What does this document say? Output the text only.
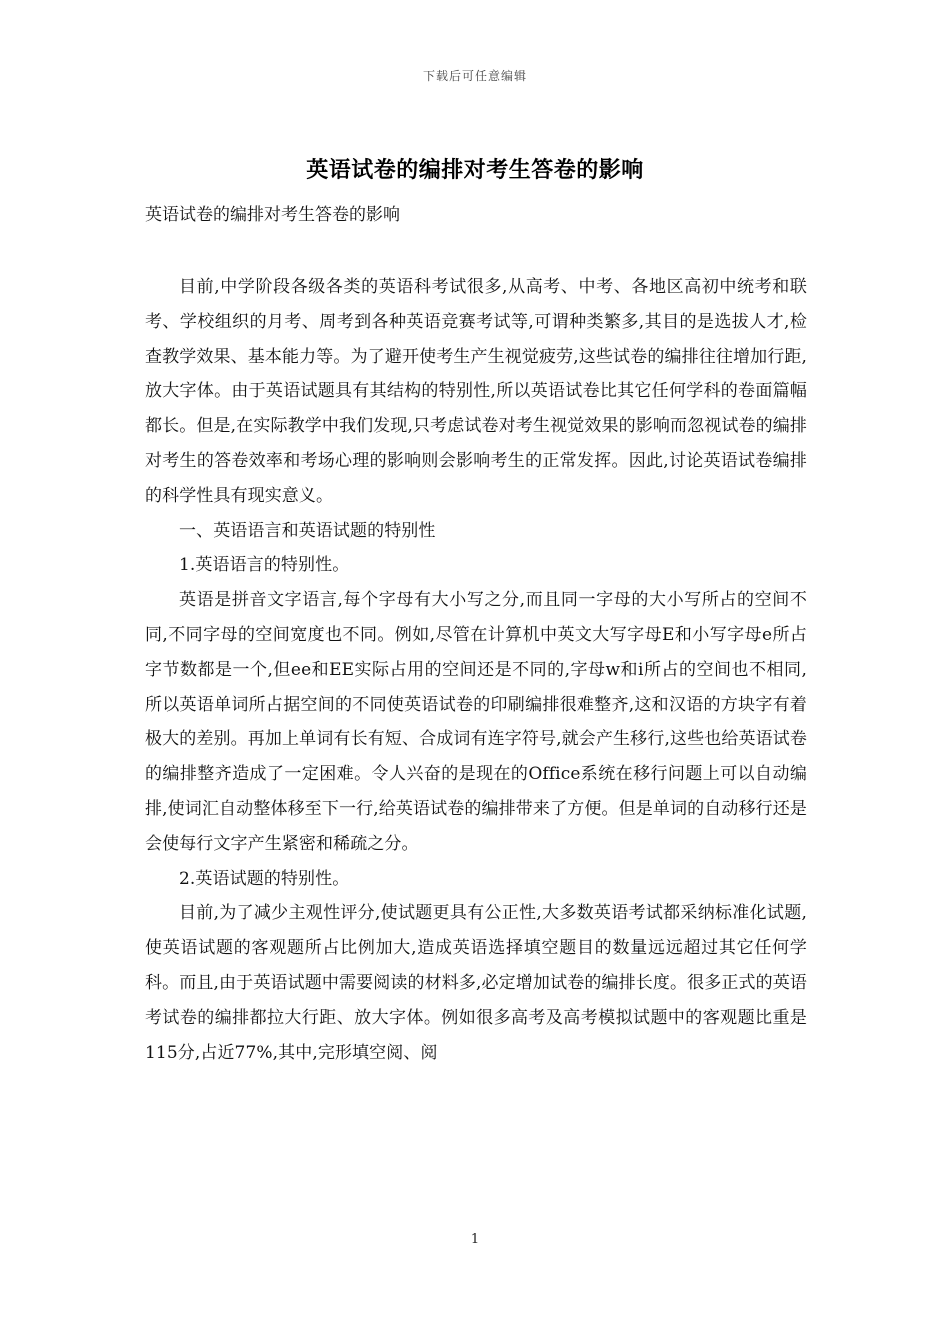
下载后可任意编辑
英语试卷的编排对考生答卷的影响
英语试卷的编排对考生答卷的影响

目前,中学阶段各级各类的英语科考试很多,从高考、中考、各地区高初中统考和联考、学校组织的月考、周考到各种英语竞赛考试等,可谓种类繁多,其目的是选拔人才,检查教学效果、基本能力等。为了避开使考生产生视觉疲劳,这些试卷的编排往往增加行距,放大字体。由于英语试题具有其结构的特别性,所以英语试卷比其它任何学科的卷面篇幅都长。但是,在实际教学中我们发现,只考虑试卷对考生视觉效果的影响而忽视试卷的编排对考生的答卷效率和考场心理的影响则会影响考生的正常发挥。因此,讨论英语试卷编排的科学性具有现实意义。

一、英语语言和英语试题的特别性

1.英语语言的特别性。

英语是拼音文字语言,每个字母有大小写之分,而且同一字母的大小写所占的空间不同,不同字母的空间宽度也不同。例如,尽管在计算机中英文大写字母E和小写字母e所占字节数都是一个,但ee和EE实际占用的空间还是不同的,字母w和i所占的空间也不相同,所以英语单词所占据空间的不同使英语试卷的印刷编排很难整齐,这和汉语的方块字有着极大的差别。再加上单词有长有短、合成词有连字符号,就会产生移行,这些也给英语试卷的编排整齐造成了一定困难。令人兴奋的是现在的Office系统在移行问题上可以自动编排,使词汇自动整体移至下一行,给英语试卷的编排带来了方便。但是单词的自动移行还是会使每行文字产生紧密和稀疏之分。

2.英语试题的特别性。

目前,为了减少主观性评分,使试题更具有公正性,大多数英语考试都采纳标准化试题,使英语试题的客观题所占比例加大,造成英语选择填空题目的数量远远超过其它任何学科。而且,由于英语试题中需要阅读的材料多,必定增加试卷的编排长度。很多正式的英语考试卷的编排都拉大行距、放大字体。例如很多高考及高考模拟试题中的客观题比重是115分,占近77%,其中,完形填空阅、阅

1
